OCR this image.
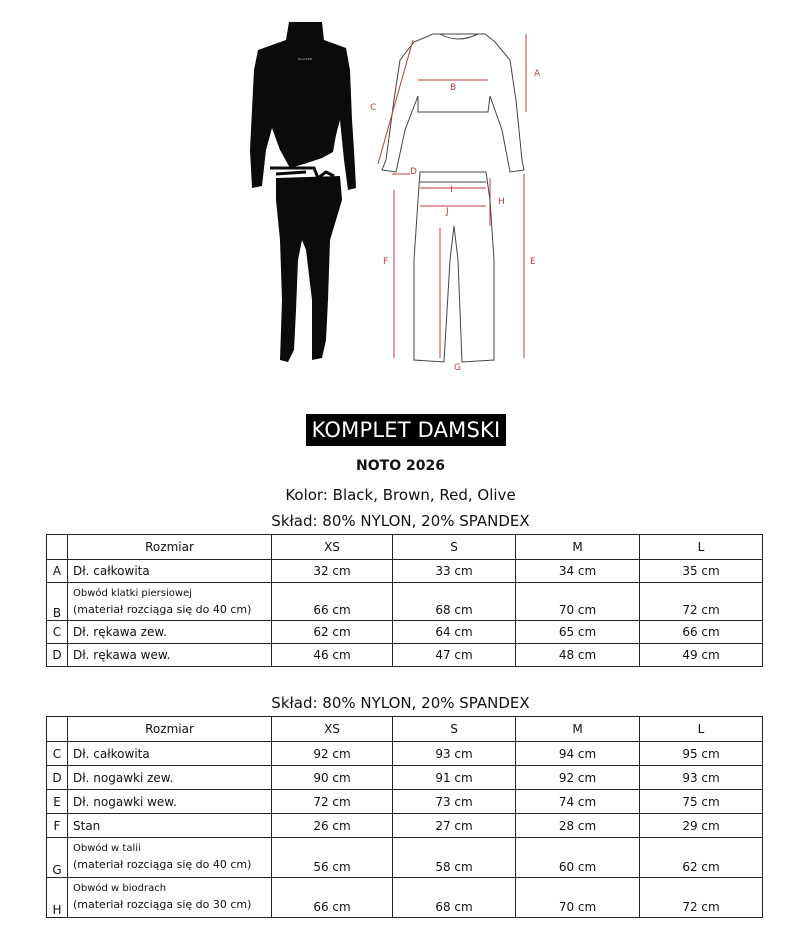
BLACKEN
A
B
C
D
E
F
G
H
I
J
KOMPLET DAMSKI
NOTO 2026
Kolor: Black, Brown, Red, Olive
Skład: 80% NYLON, 20% SPANDEX
	Rozmiar	XS	S	M	L
A	Dł. całkowita	32 cm	33 cm	34 cm	35 cm
B	Obwód klatki piersiowej
(materiał rozciąga się do 40 cm)	66 cm	68 cm	70 cm	72 cm
C	Dł. rękawa zew.	62 cm	64 cm	65 cm	66 cm
D	Dł. rękawa wew.	46 cm	47 cm	48 cm	49 cm
Skład: 80% NYLON, 20% SPANDEX
	Rozmiar	XS	S	M	L
C	Dł. całkowita	92 cm	93 cm	94 cm	95 cm
D	Dł. nogawki zew.	90 cm	91 cm	92 cm	93 cm
E	Dł. nogawki wew.	72 cm	73 cm	74 cm	75 cm
F	Stan	26 cm	27 cm	28 cm	29 cm
G	Obwód w talii
(materiał rozciąga się do 40 cm)	56 cm	58 cm	60 cm	62 cm
H	Obwód w biodrach
(materiał rozciąga się do 30 cm)	66 cm	68 cm	70 cm	72 cm
